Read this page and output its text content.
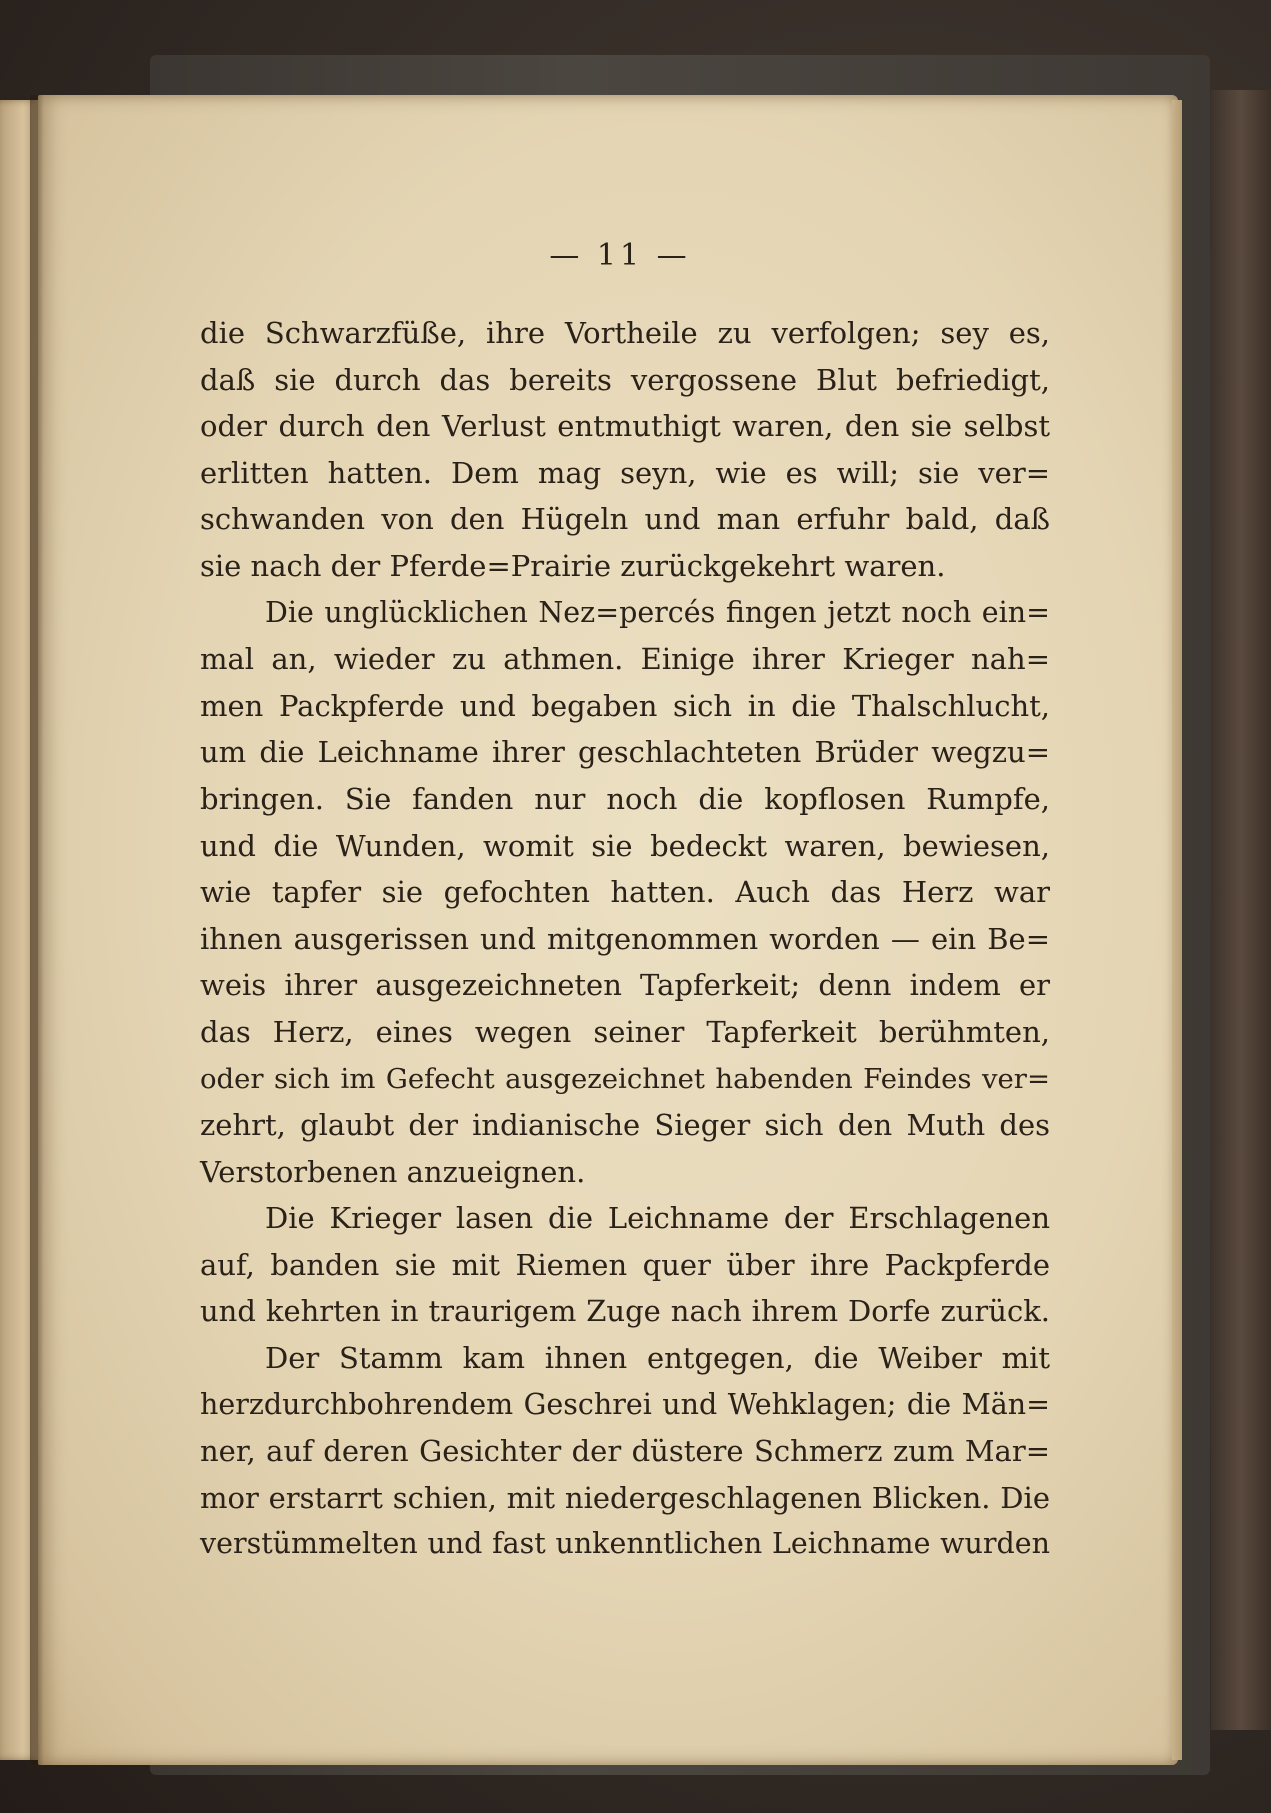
— 11 —
die Schwarzfüße, ihre Vortheile zu verfolgen; sey es,
daß sie durch das bereits vergossene Blut befriedigt,
oder durch den Verlust entmuthigt waren, den sie selbst
erlitten hatten. Dem mag seyn, wie es will; sie ver=
schwanden von den Hügeln und man erfuhr bald, daß
sie nach der Pferde=Prairie zurückgekehrt waren.
Die unglücklichen Nez=percés fingen jetzt noch ein=
mal an, wieder zu athmen. Einige ihrer Krieger nah=
men Packpferde und begaben sich in die Thalschlucht,
um die Leichname ihrer geschlachteten Brüder wegzu=
bringen. Sie fanden nur noch die kopflosen Rumpfe,
und die Wunden, womit sie bedeckt waren, bewiesen,
wie tapfer sie gefochten hatten. Auch das Herz war
ihnen ausgerissen und mitgenommen worden — ein Be=
weis ihrer ausgezeichneten Tapferkeit; denn indem er
das Herz, eines wegen seiner Tapferkeit berühmten,
oder sich im Gefecht ausgezeichnet habenden Feindes ver=
zehrt, glaubt der indianische Sieger sich den Muth des
Verstorbenen anzueignen.
Die Krieger lasen die Leichname der Erschlagenen
auf, banden sie mit Riemen quer über ihre Packpferde
und kehrten in traurigem Zuge nach ihrem Dorfe zurück.
Der Stamm kam ihnen entgegen, die Weiber mit
herzdurchbohrendem Geschrei und Wehklagen; die Män=
ner, auf deren Gesichter der düstere Schmerz zum Mar=
mor erstarrt schien, mit niedergeschlagenen Blicken. Die
verstümmelten und fast unkenntlichen Leichname wurden
